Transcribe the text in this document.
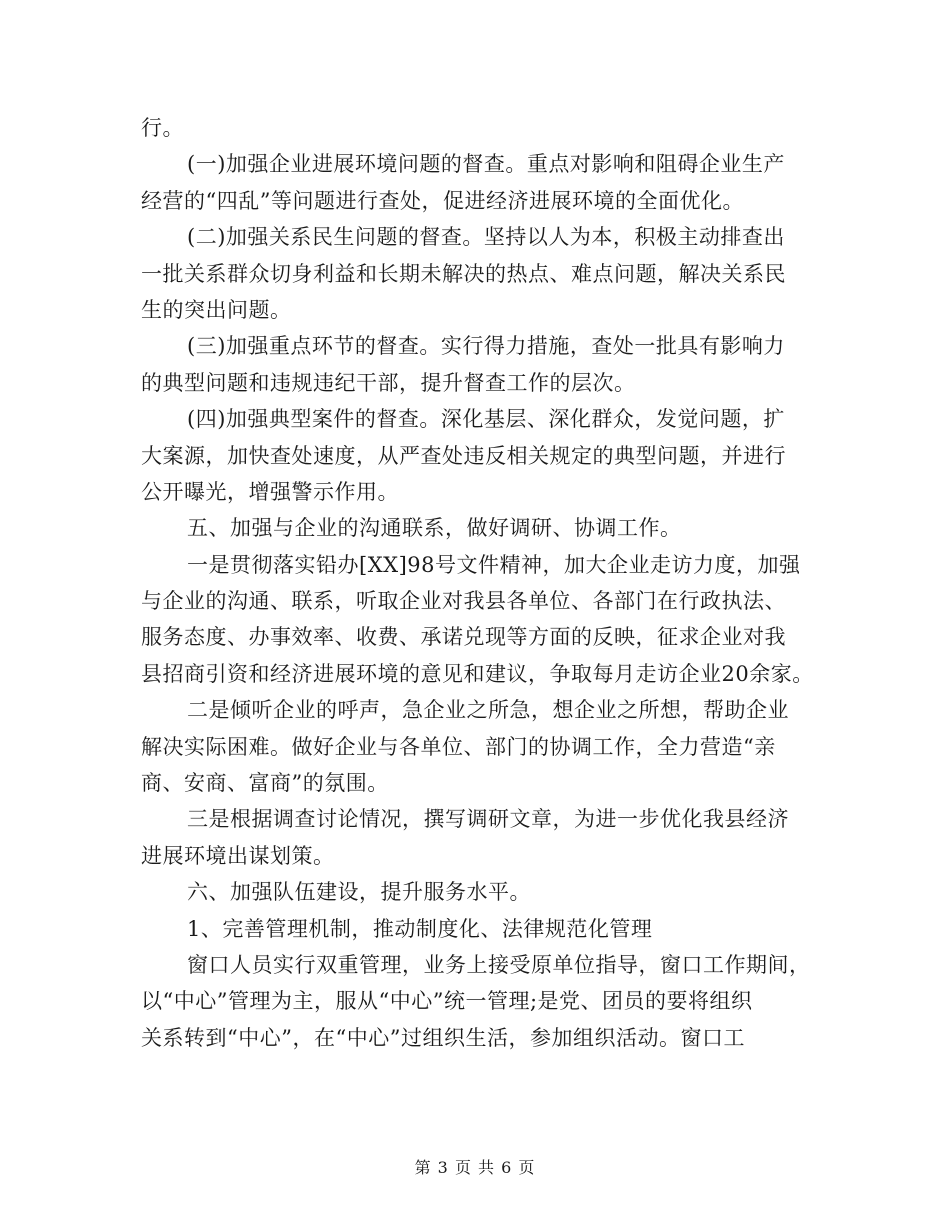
行。
(一)加强企业进展环境问题的督查。重点对影响和阻碍企业生产
经营的“四乱”等问题进行查处，促进经济进展环境的全面优化。
(二)加强关系民生问题的督查。坚持以人为本，积极主动排查出
一批关系群众切身利益和长期未解决的热点、难点问题，解决关系民
生的突出问题。
(三)加强重点环节的督查。实行得力措施，查处一批具有影响力
的典型问题和违规违纪干部，提升督查工作的层次。
(四)加强典型案件的督查。深化基层、深化群众，发觉问题，扩
大案源，加快查处速度，从严查处违反相关规定的典型问题，并进行
公开曝光，增强警示作用。
五、加强与企业的沟通联系，做好调研、协调工作。
一是贯彻落实铅办[XX]98号文件精神，加大企业走访力度，加强
与企业的沟通、联系，听取企业对我县各单位、各部门在行政执法、
服务态度、办事效率、收费、承诺兑现等方面的反映，征求企业对我
县招商引资和经济进展环境的意见和建议，争取每月走访企业20余家。
二是倾听企业的呼声，急企业之所急，想企业之所想，帮助企业
解决实际困难。做好企业与各单位、部门的协调工作，全力营造“亲
商、安商、富商”的氛围。
三是根据调查讨论情况，撰写调研文章，为进一步优化我县经济
进展环境出谋划策。
六、加强队伍建设，提升服务水平。
1、完善管理机制，推动制度化、法律规范化管理
窗口人员实行双重管理，业务上接受原单位指导，窗口工作期间，
以“中心”管理为主，服从“中心”统一管理;是党、团员的要将组织
关系转到“中心”，在“中心”过组织生活，参加组织活动。窗口工
第 3 页 共 6 页
